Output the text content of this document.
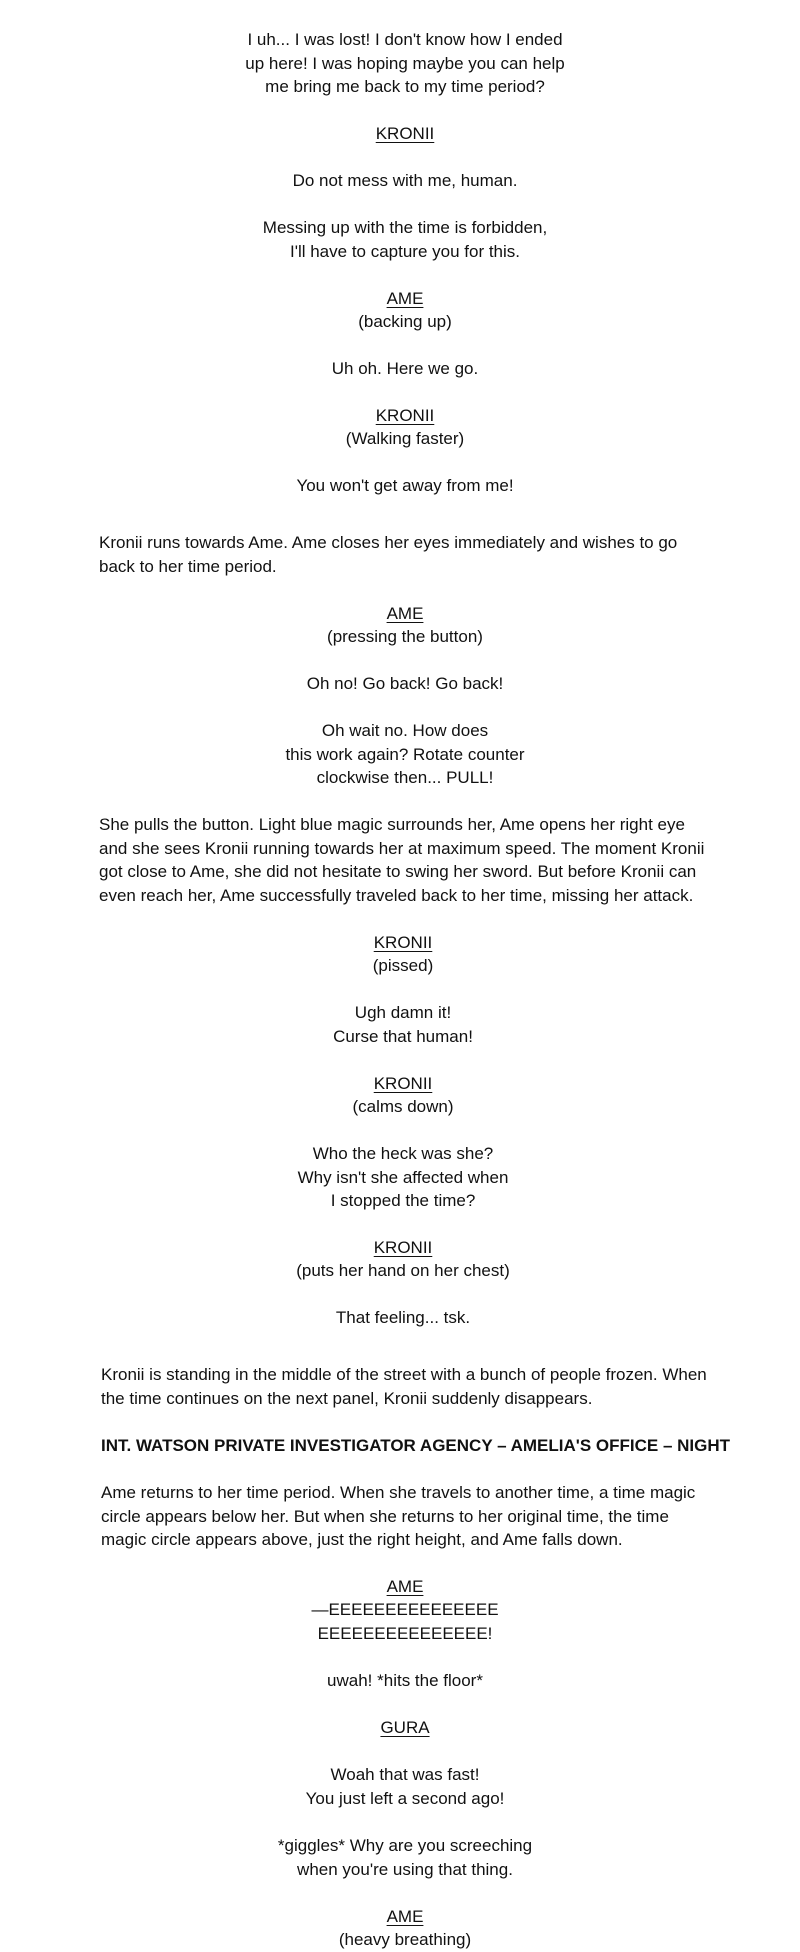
I uh... I was lost! I don't know how I ended
up here! I was hoping maybe you can help
me bring me back to my time period?

KRONII

Do not mess with me, human.

Messing up with the time is forbidden,
I'll have to capture you for this.

AME

(backing up)

Uh oh. Here we go.

KRONII

(Walking faster)

You won't get away from me!

Kronii runs towards Ame. Ame closes her eyes immediately and wishes to go back to her time period.

AME

(pressing the button)

Oh no! Go back! Go back!

Oh wait no. How does
this work again? Rotate counter
clockwise then... PULL!

She pulls the button. Light blue magic surrounds her, Ame opens her right eye and she sees Kronii running towards her at maximum speed. The moment Kronii got close to Ame, she did not hesitate to swing her sword. But before Kronii can even reach her, Ame successfully traveled back to her time, missing her attack.

KRONII

(pissed)

Ugh damn it!
Curse that human!

KRONII

(calms down)

Who the heck was she?
Why isn't she affected when
I stopped the time?

KRONII

(puts her hand on her chest)

That feeling... tsk.

Kronii is standing in the middle of the street with a bunch of people frozen. When the time continues on the next panel, Kronii suddenly disappears.

INT. WATSON PRIVATE INVESTIGATOR AGENCY – AMELIA'S OFFICE – NIGHT

Ame returns to her time period. When she travels to another time, a time magic circle appears below her. But when she returns to her original time, the time magic circle appears above, just the right height, and Ame falls down.

AME

—EEEEEEEEEEEEEEE
EEEEEEEEEEEEEEE!

uwah! *hits the floor*

GURA

Woah that was fast!
You just left a second ago!

*giggles* Why are you screeching
when you're using that thing.

AME

(heavy breathing)
